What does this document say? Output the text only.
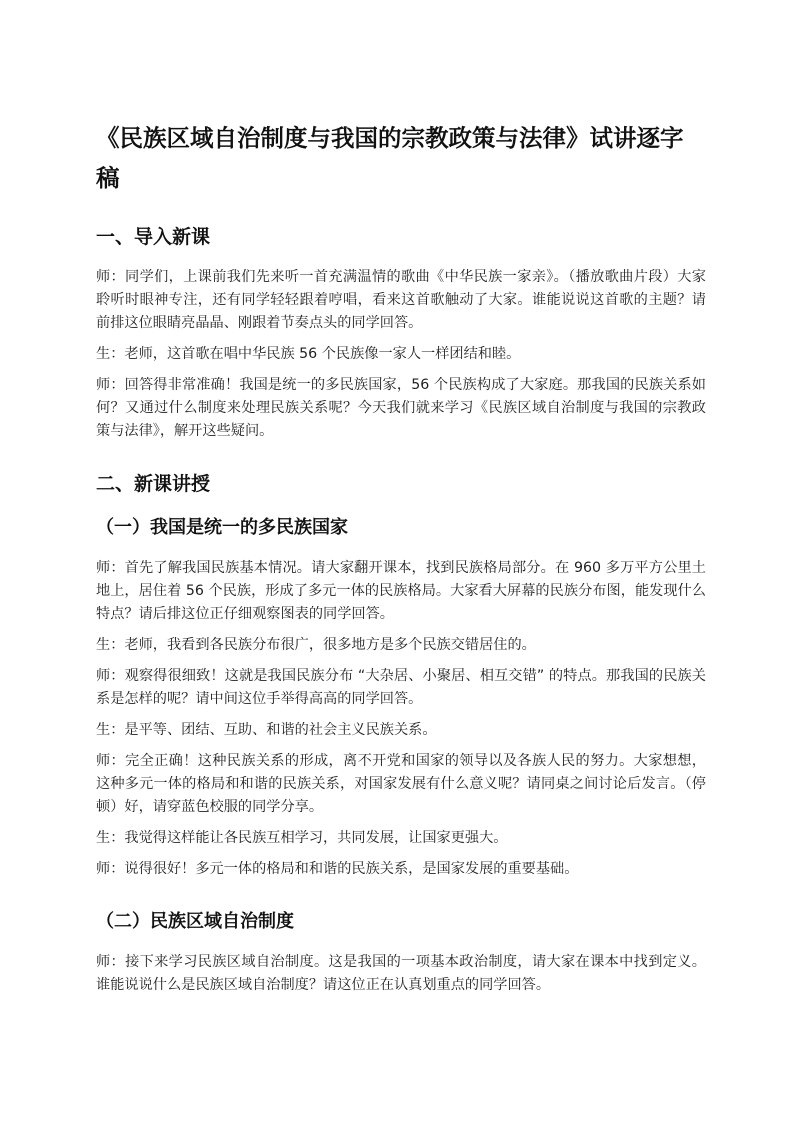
《民族区域自治制度与我国的宗教政策与法律》试讲逐字稿
一、导入新课
师：同学们，上课前我们先来听一首充满温情的歌曲《中华民族一家亲》。（播放歌曲片段）大家聆听时眼神专注，还有同学轻轻跟着哼唱，看来这首歌触动了大家。谁能说说这首歌的主题？请前排这位眼睛亮晶晶、刚跟着节奏点头的同学回答。
生：老师，这首歌在唱中华民族 56 个民族像一家人一样团结和睦。
师：回答得非常准确！我国是统一的多民族国家，56 个民族构成了大家庭。那我国的民族关系如何？又通过什么制度来处理民族关系呢？今天我们就来学习《民族区域自治制度与我国的宗教政策与法律》，解开这些疑问。
二、新课讲授
（一）我国是统一的多民族国家
师：首先了解我国民族基本情况。请大家翻开课本，找到民族格局部分。在 960 多万平方公里土地上，居住着 56 个民族，形成了多元一体的民族格局。大家看大屏幕的民族分布图，能发现什么特点？请后排这位正仔细观察图表的同学回答。
生：老师，我看到各民族分布很广，很多地方是多个民族交错居住的。
师：观察得很细致！这就是我国民族分布 “大杂居、小聚居、相互交错” 的特点。那我国的民族关系是怎样的呢？请中间这位手举得高高的同学回答。
生：是平等、团结、互助、和谐的社会主义民族关系。
师：完全正确！这种民族关系的形成，离不开党和国家的领导以及各族人民的努力。大家想想，这种多元一体的格局和和谐的民族关系，对国家发展有什么意义呢？请同桌之间讨论后发言。（停顿）好，请穿蓝色校服的同学分享。
生：我觉得这样能让各民族互相学习，共同发展，让国家更强大。
师：说得很好！多元一体的格局和和谐的民族关系，是国家发展的重要基础。
（二）民族区域自治制度
师：接下来学习民族区域自治制度。这是我国的一项基本政治制度，请大家在课本中找到定义。谁能说说什么是民族区域自治制度？请这位正在认真划重点的同学回答。
